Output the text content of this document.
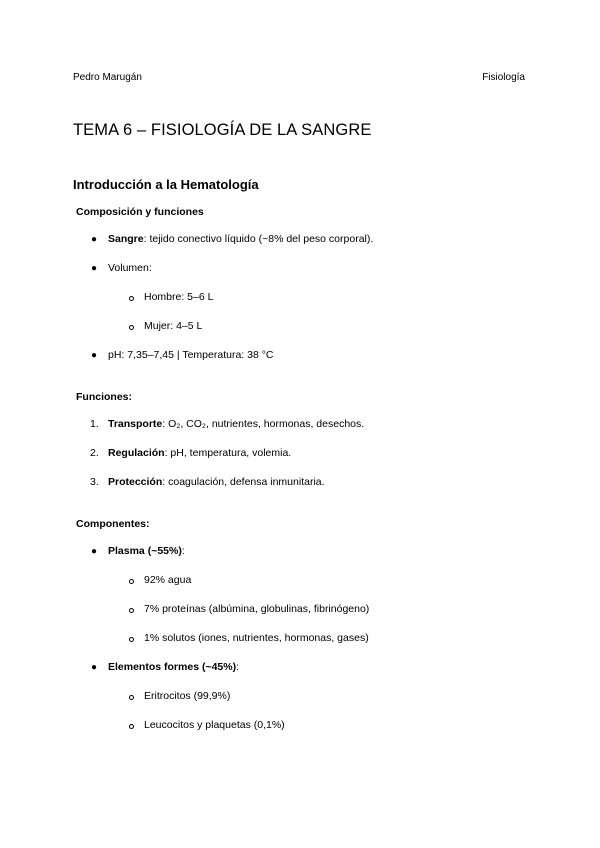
Pedro Marugán	Fisiología
TEMA 6 – FISIOLOGÍA DE LA SANGRE
Introducción a la Hematología
Composición y funciones
● Sangre: tejido conectivo líquido (~8% del peso corporal).
● Volumen:
Hombre: 5–6 L
Mujer: 4–5 L
● pH: 7,35–7,45 | Temperatura: 38 °C
Funciones:
1. Transporte: O₂, CO₂, nutrientes, hormonas, desechos.
2. Regulación: pH, temperatura, volemia.
3. Protección: coagulación, defensa inmunitaria.
Componentes:
● Plasma (~55%):
92% agua
7% proteínas (albúmina, globulinas, fibrinógeno)
1% solutos (iones, nutrientes, hormonas, gases)
● Elementos formes (~45%):
Eritrocitos (99,9%)
Leucocitos y plaquetas (0,1%)
